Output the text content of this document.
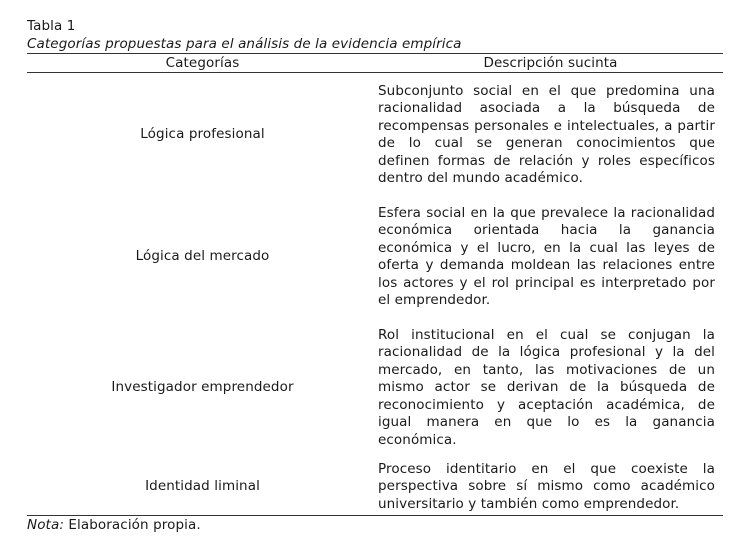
Tabla 1
Categorías propuestas para el análisis de la evidencia empírica
Categorías	Descripción sucinta
Lógica profesional	Subconjunto social en el que predomina una racionalidad asociada a la búsqueda de recompensas personales e intelectuales, a partir de lo cual se generan conocimientos que definen formas de relación y roles específicos dentro del mundo académico.

Lógica del mercado	Esfera social en la que prevalece la racionalidad económica orientada hacia la ganancia económica y el lucro, en la cual las leyes de oferta y demanda moldean las relaciones entre los actores y el rol principal es interpretado por el emprendedor.

Investigador emprendedor	Rol institucional en el cual se conjugan la racionalidad de la lógica profesional y la del mercado, en tanto, las motivaciones de un mismo actor se derivan de la búsqueda de reconocimiento y aceptación académica, de igual manera en que lo es la ganancia económica.

Identidad liminal	Proceso identitario en el que coexiste la perspectiva sobre sí mismo como académico universitario y también como emprendedor.
Nota: Elaboración propia.
